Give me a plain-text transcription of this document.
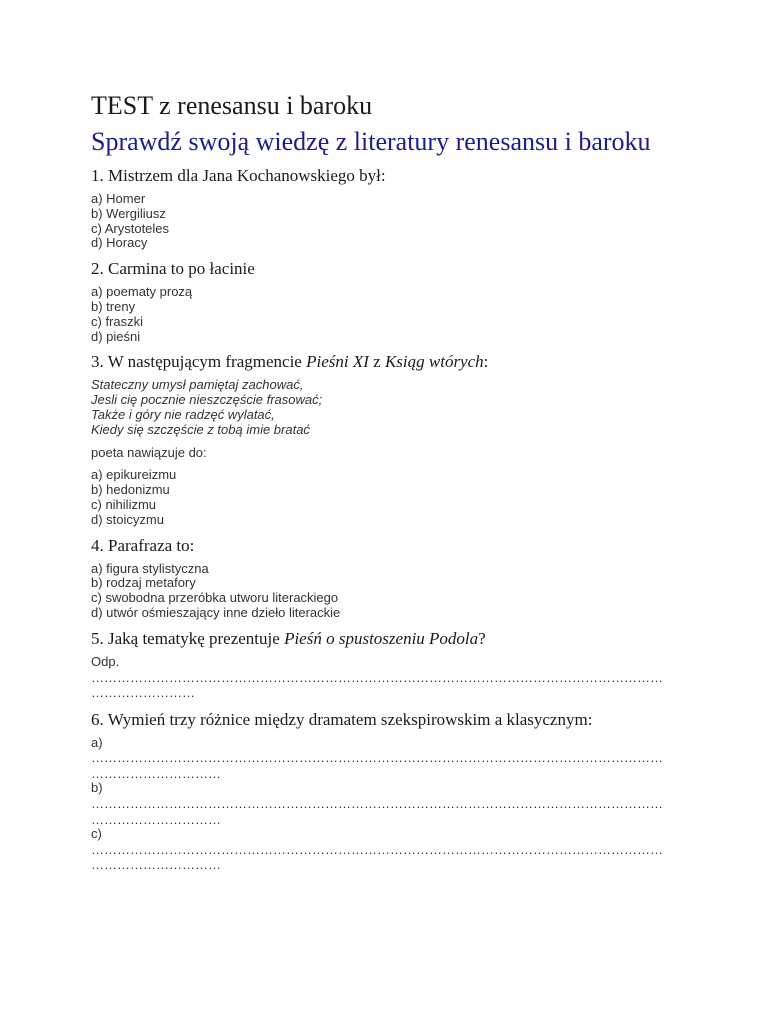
TEST z renesansu i baroku
Sprawdź swoją wiedzę z literatury renesansu i baroku
1. Mistrzem dla Jana Kochanowskiego był:
a) Homer
b) Wergiliusz
c) Arystoteles
d) Horacy
2. Carmina to po łacinie
a) poematy prozą
b) treny
c) fraszki
d) pieśni
3. W następującym fragmencie Pieśni XI z Ksiąg wtórych:
Stateczny umysł pamiętaj zachować,
Jesli cię pocznie nieszczęście frasować;
Także i góry nie radzęć wylatać,
Kiedy się szczęście z tobą imie bratać
poeta nawiązuje do:
a) epikureizmu
b) hedonizmu
c) nihilizmu
d) stoicyzmu
4. Parafraza to:
a) figura stylistyczna
b) rodzaj metafory
c) swobodna przeróbka utworu literackiego
d) utwór ośmieszający inne dzieło literackie
5. Jaką tematykę prezentuje Pieśń o spustoszeniu Podola?
Odp.
…………………………………………………………………………………………………………………………………………
6. Wymień trzy różnice między dramatem szekspirowskim a klasycznym:
a)
………………………………………………………………………………………………………………………………………………
b)
………………………………………………………………………………………………………………………………………………
c)
………………………………………………………………………………………………………………………………………………
